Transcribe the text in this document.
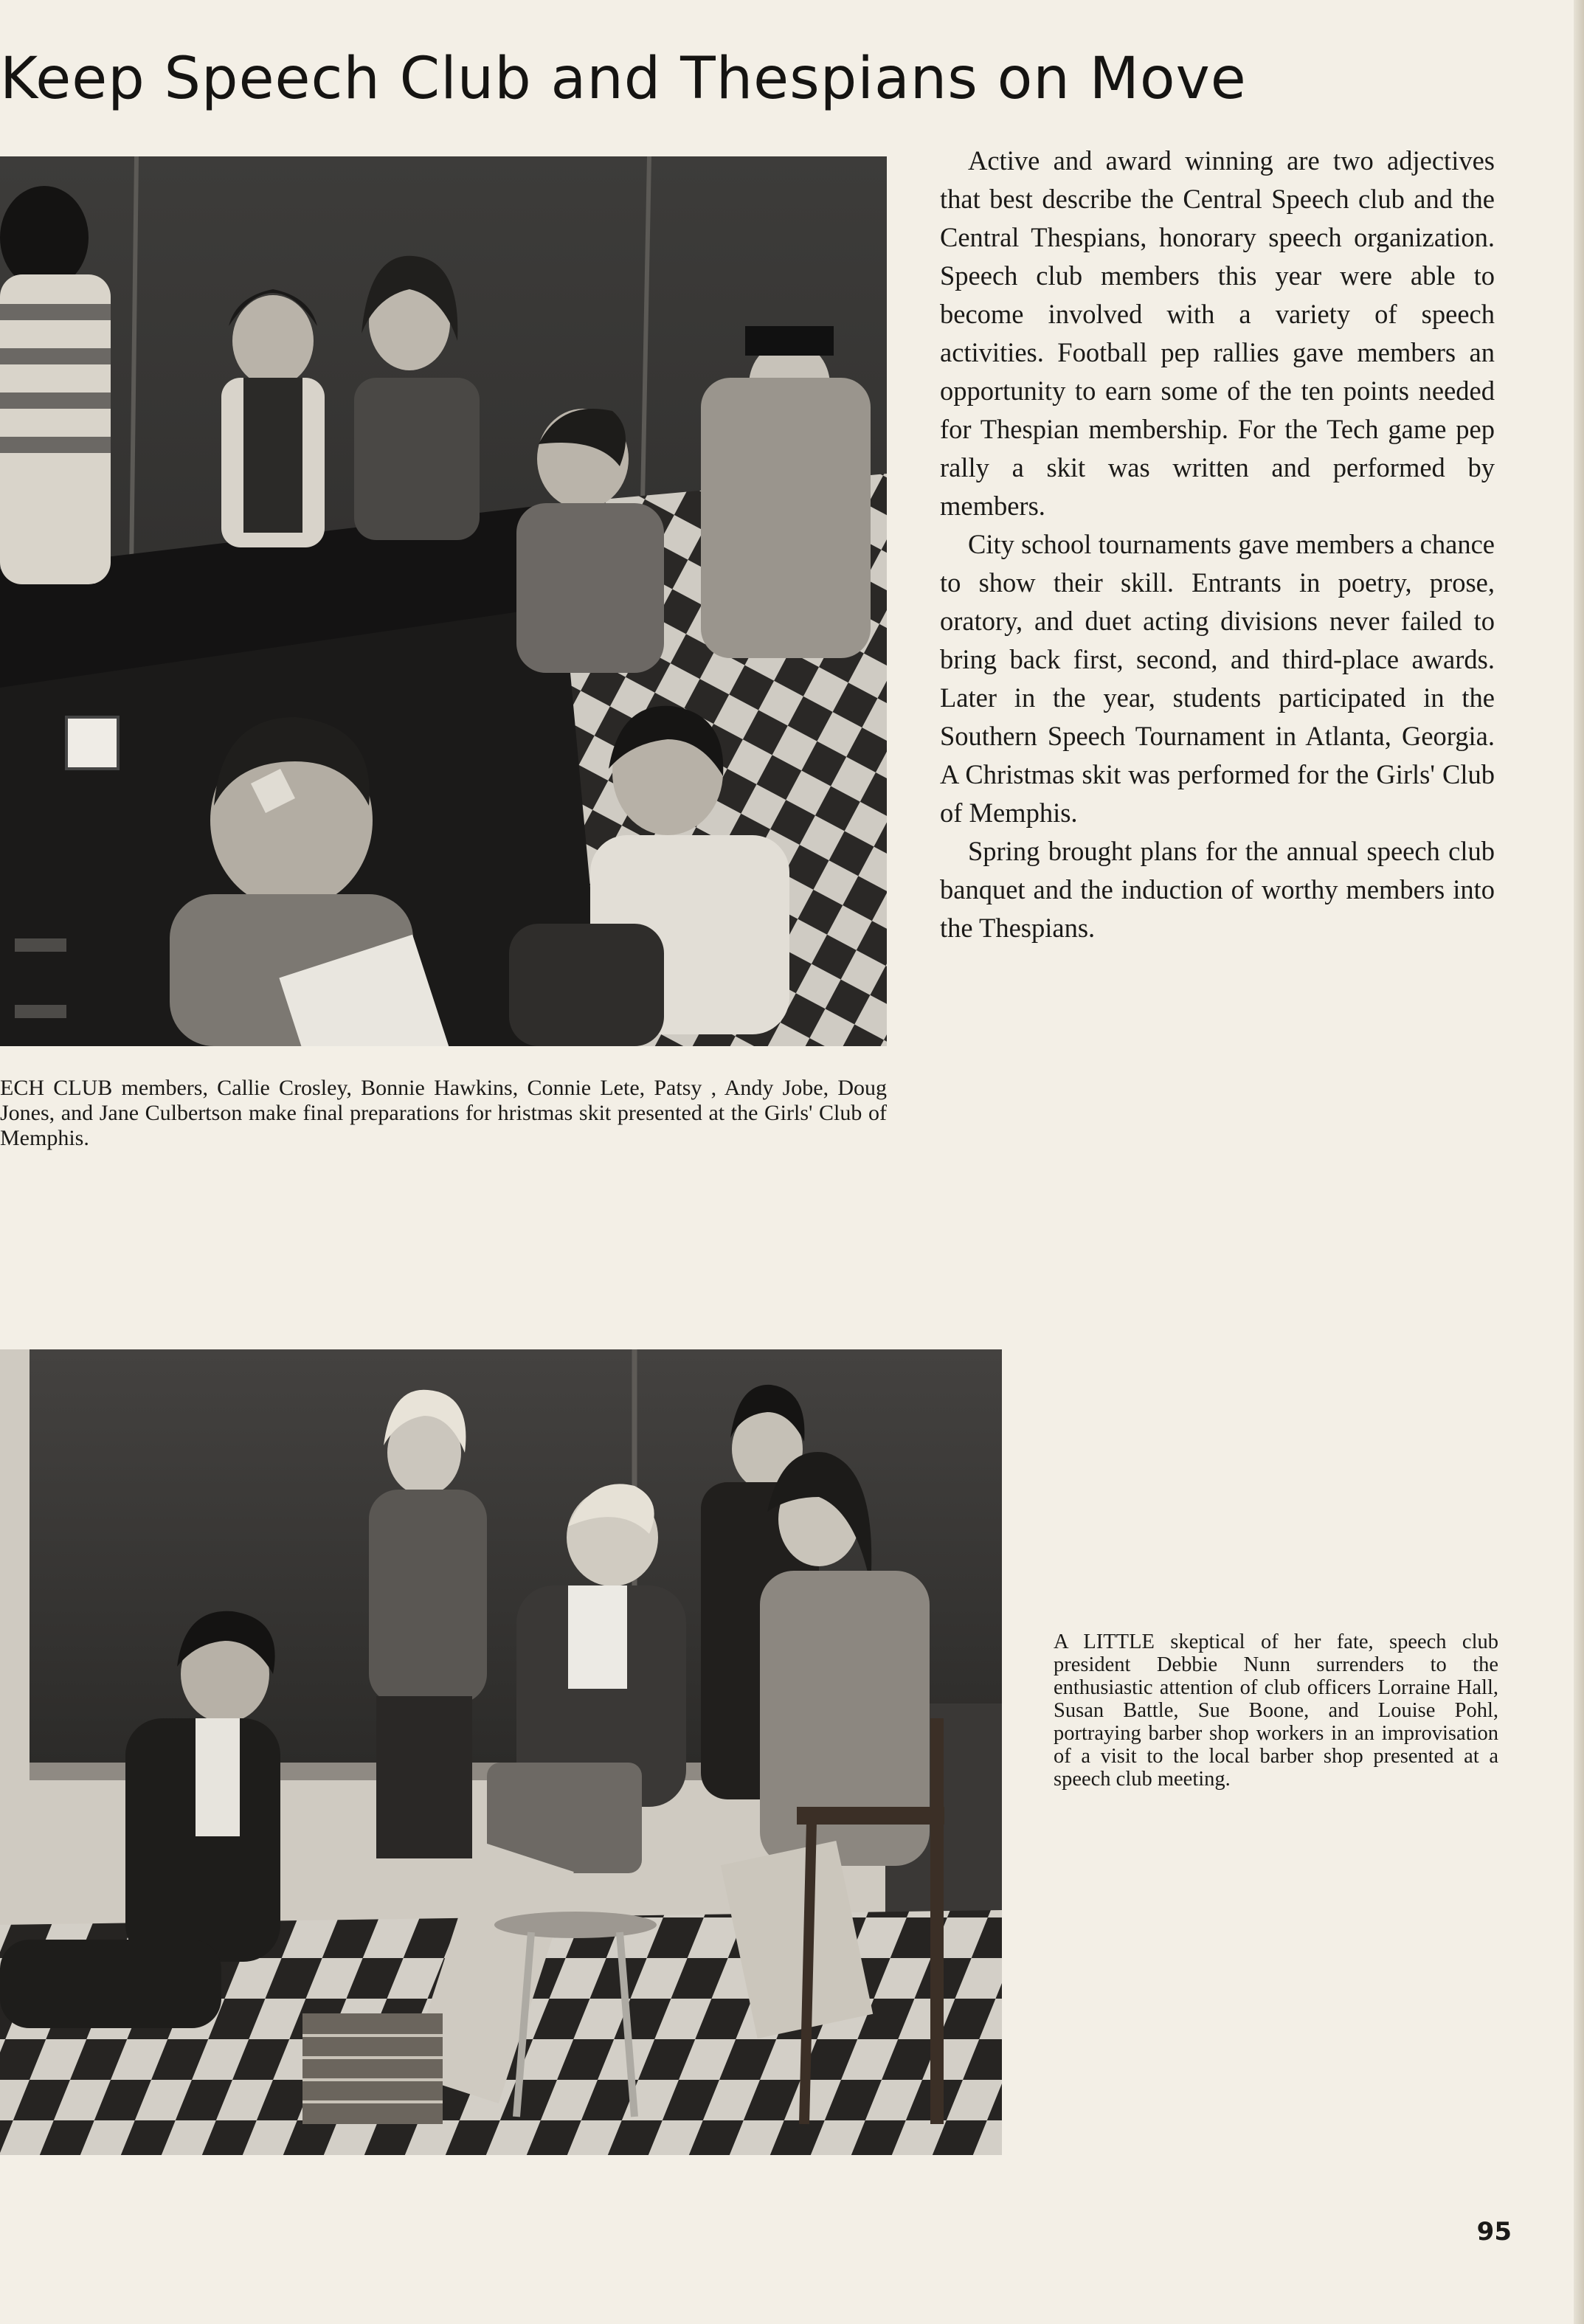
Keep Speech Club and Thespians on Move

ECH CLUB members, Callie Crosley, Bonnie Hawkins, Connie Lete, Patsy , Andy Jobe, Doug Jones, and Jane Culbertson make final preparations for hristmas skit presented at the Girls' Club of Memphis.

Active and award winning are two adjectives that best describe the Central Speech club and the Central Thespians, honorary speech organization. Speech club members this year were able to become involved with a variety of speech activities. Football pep rallies gave members an opportunity to earn some of the ten points needed for Thespian membership. For the Tech game pep rally a skit was written and performed by members.

City school tournaments gave members a chance to show their skill. Entrants in poetry, prose, oratory, and duet acting divisions never failed to bring back first, second, and third-place awards. Later in the year, students participated in the Southern Speech Tournament in Atlanta, Georgia. A Christmas skit was performed for the Girls' Club of Memphis.

Spring brought plans for the annual speech club banquet and the induction of worthy members into the Thespians.

A LITTLE skeptical of her fate, speech club president Debbie Nunn surrenders to the enthusiastic attention of club officers Lorraine Hall, Susan Battle, Sue Boone, and Louise Pohl, portraying barber shop workers in an improvisation of a visit to the local barber shop presented at a speech club meeting.

95
